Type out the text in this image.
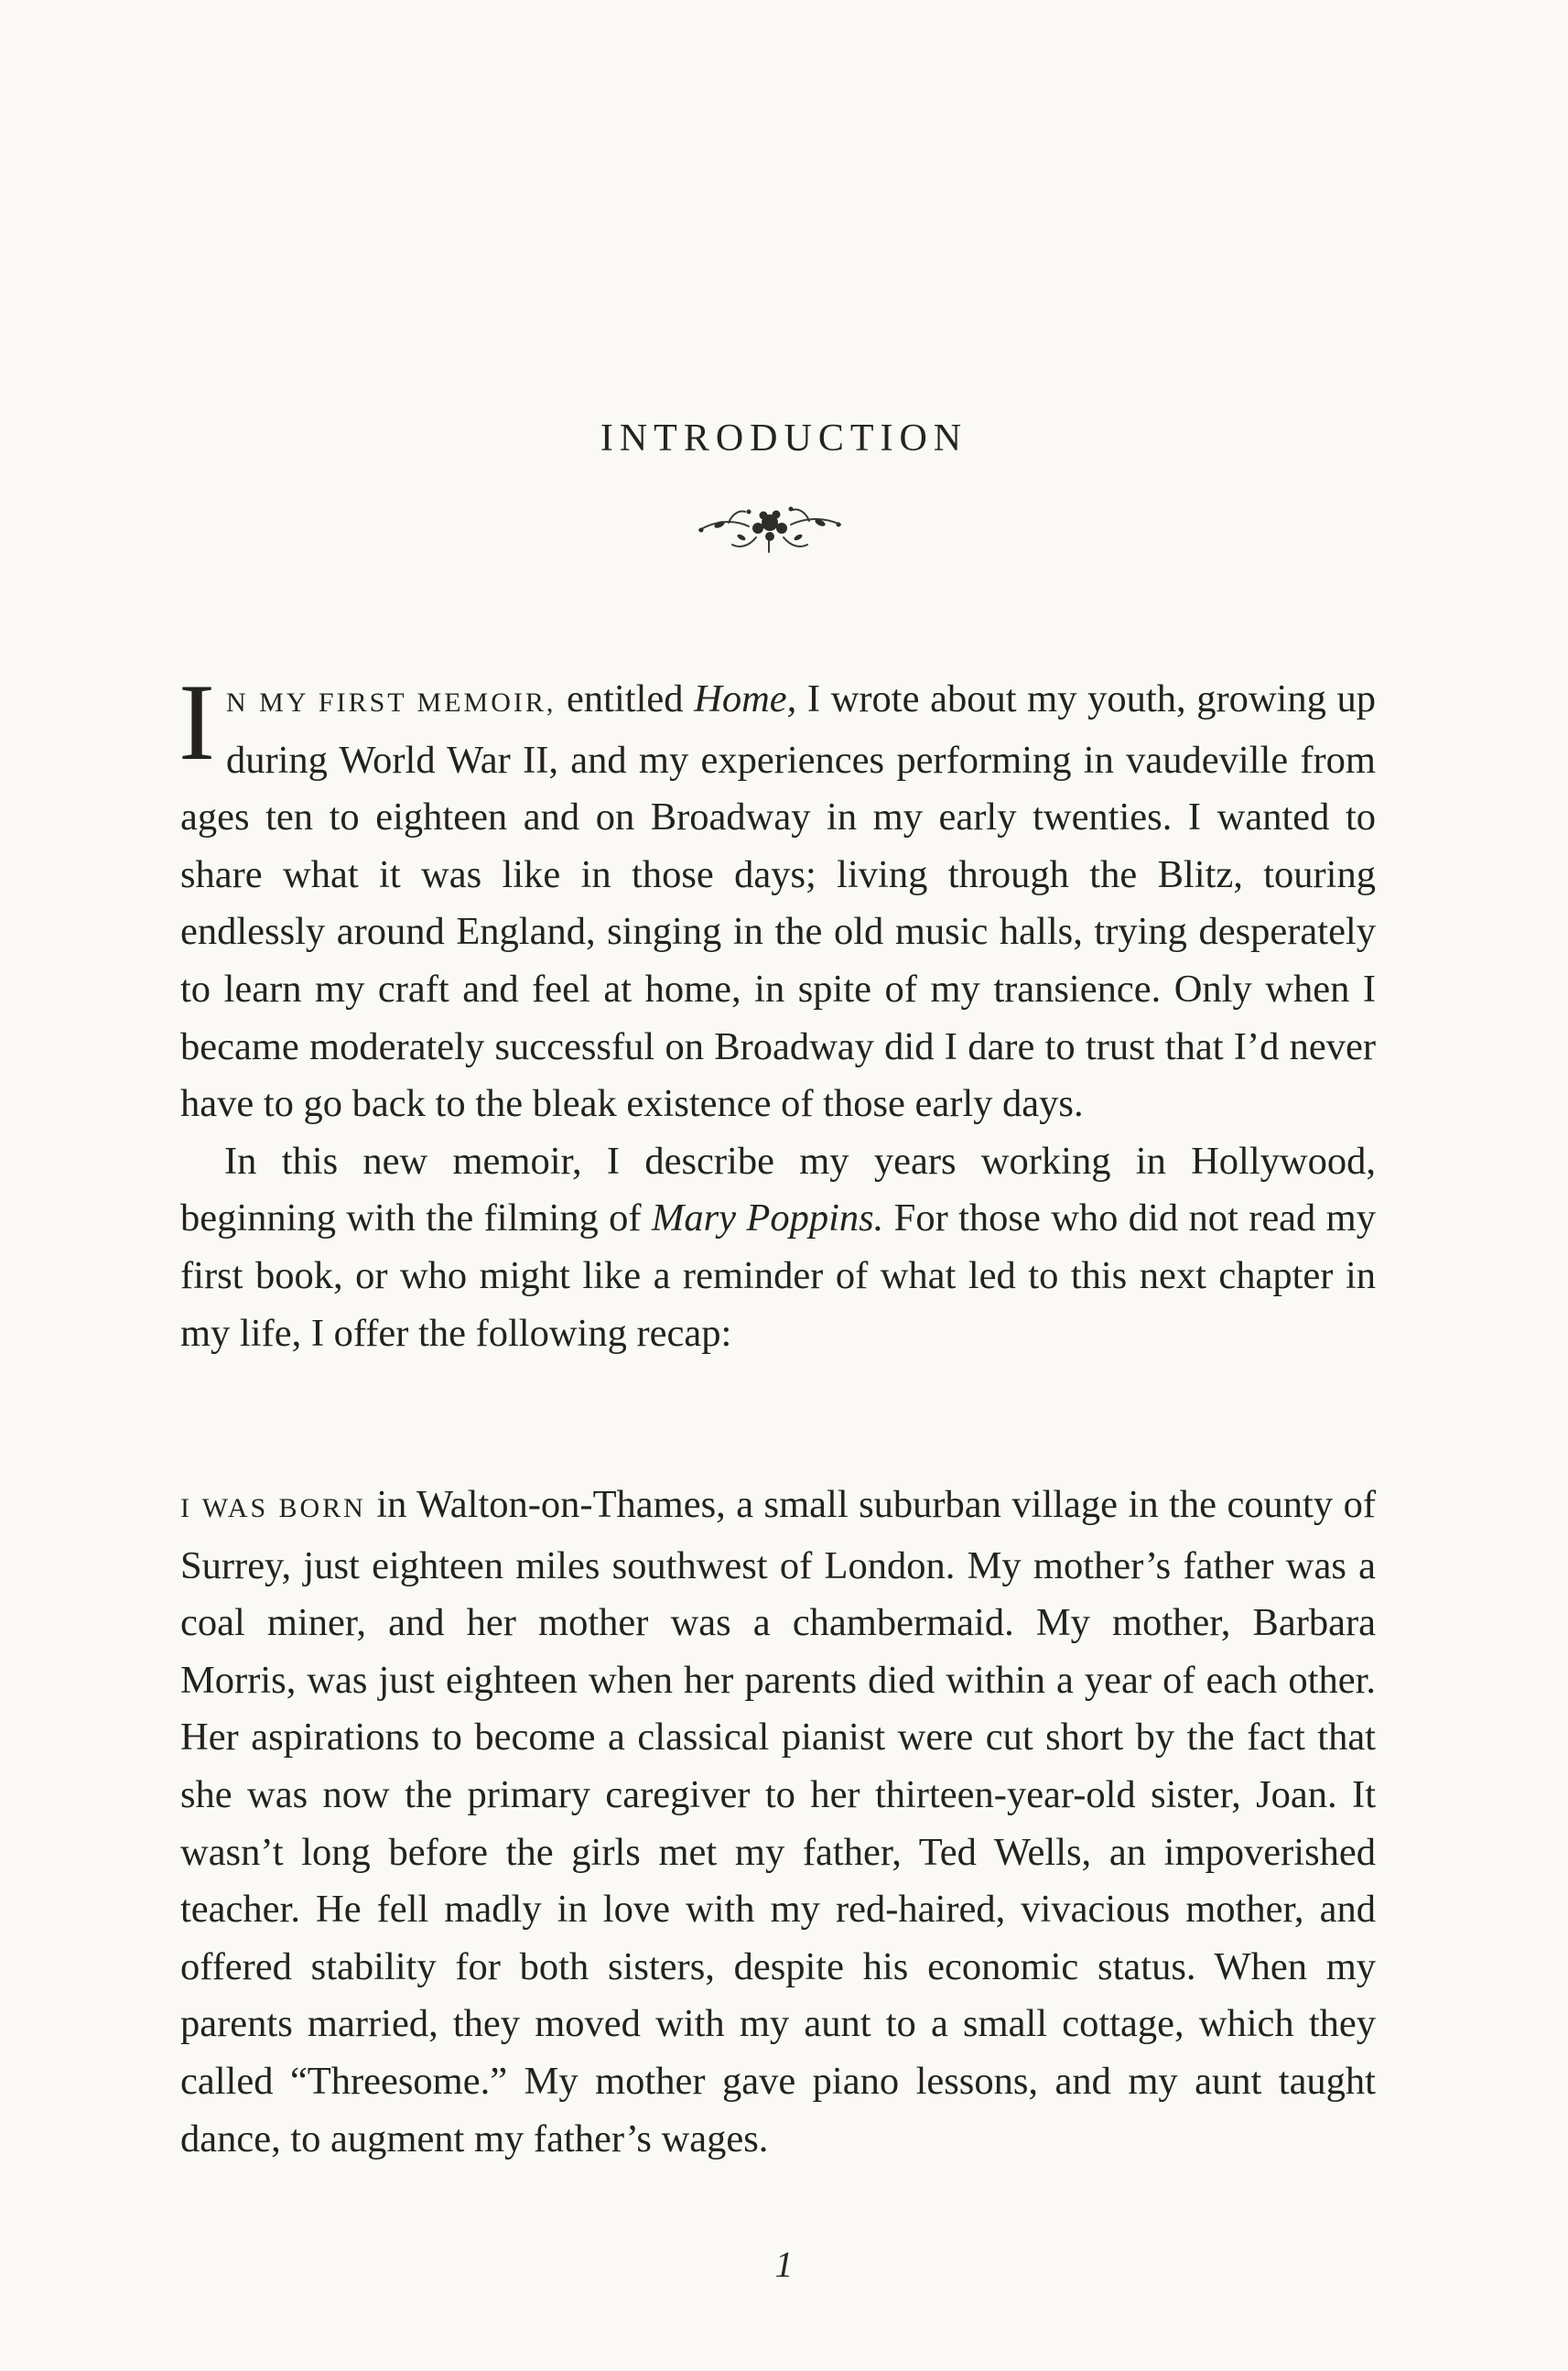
INTRODUCTION

I N MY FIRST MEMOIR, entitled Home, I wrote about my youth, growing up during World War II, and my experiences performing in vaudeville from ages ten to eighteen and on Broadway in my early twenties. I wanted to share what it was like in those days; living through the Blitz, touring endlessly around England, singing in the old music halls, trying desperately to learn my craft and feel at home, in spite of my transience. Only when I became moderately successful on Broadway did I dare to trust that I’d never have to go back to the bleak existence of those early days.

In this new memoir, I describe my years working in Hollywood, beginning with the filming of Mary Poppins. For those who did not read my first book, or who might like a reminder of what led to this next chapter in my life, I offer the following recap:

I WAS BORN in Walton-on-Thames, a small suburban village in the county of Surrey, just eighteen miles southwest of London. My mother’s father was a coal miner, and her mother was a chambermaid. My mother, Barbara Morris, was just eighteen when her parents died within a year of each other. Her aspirations to become a classical pianist were cut short by the fact that she was now the primary caregiver to her thirteen-year-old sister, Joan. It wasn’t long before the girls met my father, Ted Wells, an impoverished teacher. He fell madly in love with my red-haired, vivacious mother, and offered stability for both sisters, despite his economic status. When my parents married, they moved with my aunt to a small cottage, which they called “Threesome.” My mother gave piano lessons, and my aunt taught dance, to augment my father’s wages.

1
